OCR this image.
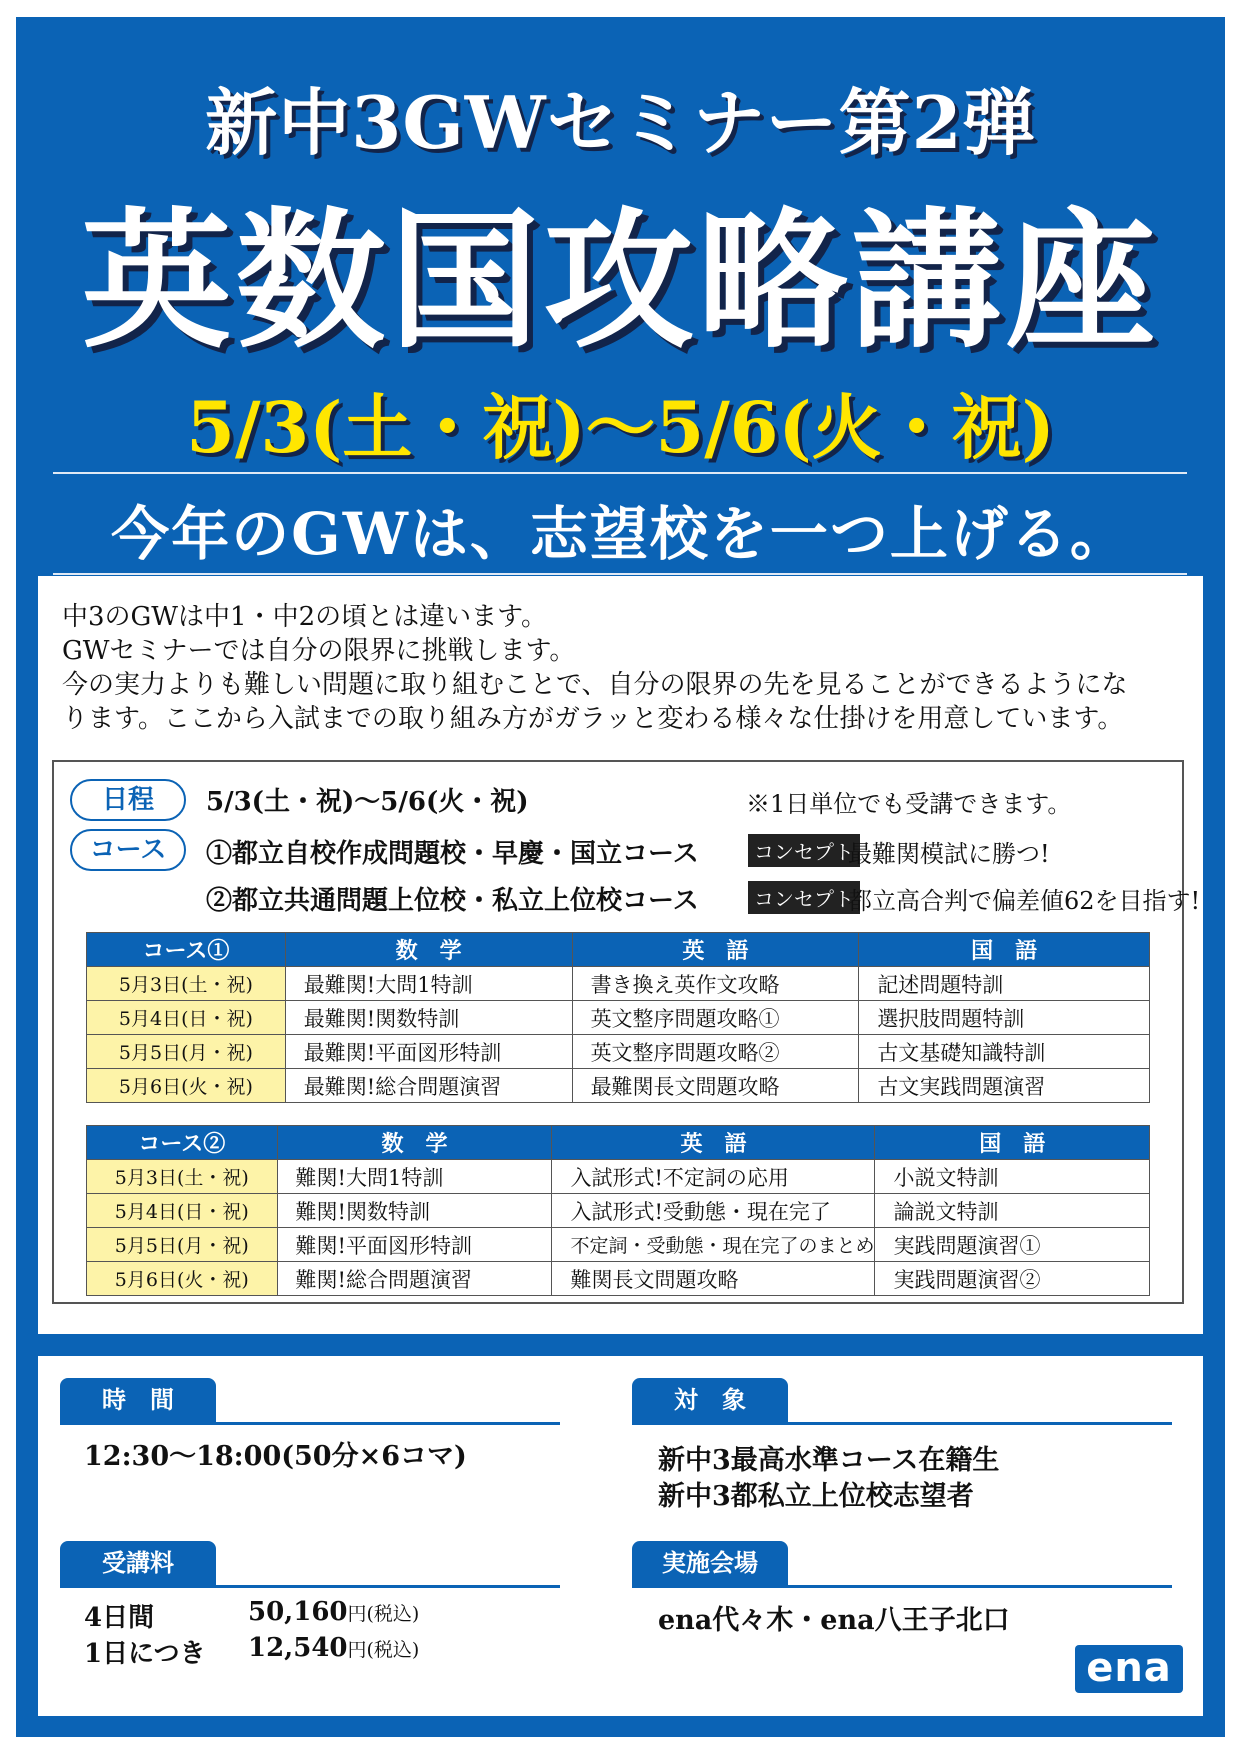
新中3GWセミナー第2弾
英数国攻略講座
5/3(土・祝)〜5/6(火・祝)
今年のGWは、志望校を一つ上げる。
中3のGWは中1・中2の頃とは違います。
GWセミナーでは自分の限界に挑戦します。
今の実力よりも難しい問題に取り組むことで、自分の限界の先を見ることができるようにな
ります。ここから入試までの取り組み方がガラッと変わる様々な仕掛けを用意しています。
日程	5/3(土・祝)〜5/6(火・祝)	※1日単位でも受講できます。
コース	①都立自校作成問題校・早慶・国立コース	コンセプト
最難関模試に勝つ!
②都立共通問題上位校・私立上位校コース	コンセプト
都立高合判で偏差値62を目指す!
コース①	数　学	英　語	国　語
5月3日(土・祝)	最難関!大問1特訓	書き換え英作文攻略	記述問題特訓
5月4日(日・祝)	最難関!関数特訓	英文整序問題攻略①	選択肢問題特訓
5月5日(月・祝)	最難関!平面図形特訓	英文整序問題攻略②	古文基礎知識特訓
5月6日(火・祝)	最難関!総合問題演習	最難関長文問題攻略	古文実践問題演習
コース②	数　学	英　語	国　語
5月3日(土・祝)	難関!大問1特訓	入試形式!不定詞の応用	小説文特訓
5月4日(日・祝)	難関!関数特訓	入試形式!受動態・現在完了	論説文特訓
5月5日(月・祝)	難関!平面図形特訓	不定詞・受動態・現在完了のまとめ	実践問題演習①
5月6日(火・祝)	難関!総合問題演習	難関長文問題攻略	実践問題演習②
時　間
12:30〜18:00(50分×6コマ)
対　象
新中3最高水準コース在籍生
新中3都私立上位校志望者
受講料
4日間	50,160円(税込)
1日につき 12,540円(税込)
実施会場
ena代々木・ena八王子北口
ena
